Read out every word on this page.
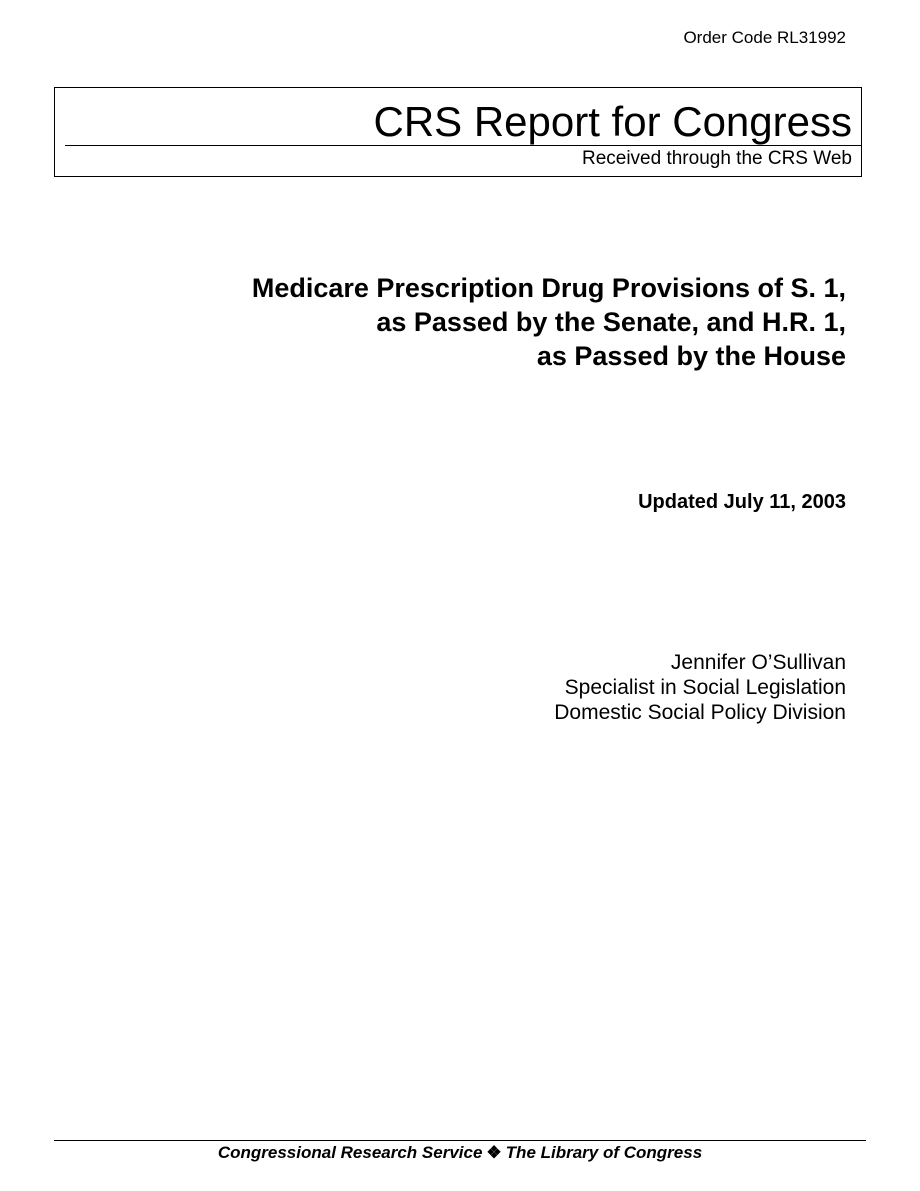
Order Code RL31992
CRS Report for Congress
Received through the CRS Web
Medicare Prescription Drug Provisions of S. 1,
as Passed by the Senate, and H.R. 1,
as Passed by the House
Updated July 11, 2003
Jennifer O’Sullivan
Specialist in Social Legislation
Domestic Social Policy Division
Congressional Research Service ❖ The Library of Congress
